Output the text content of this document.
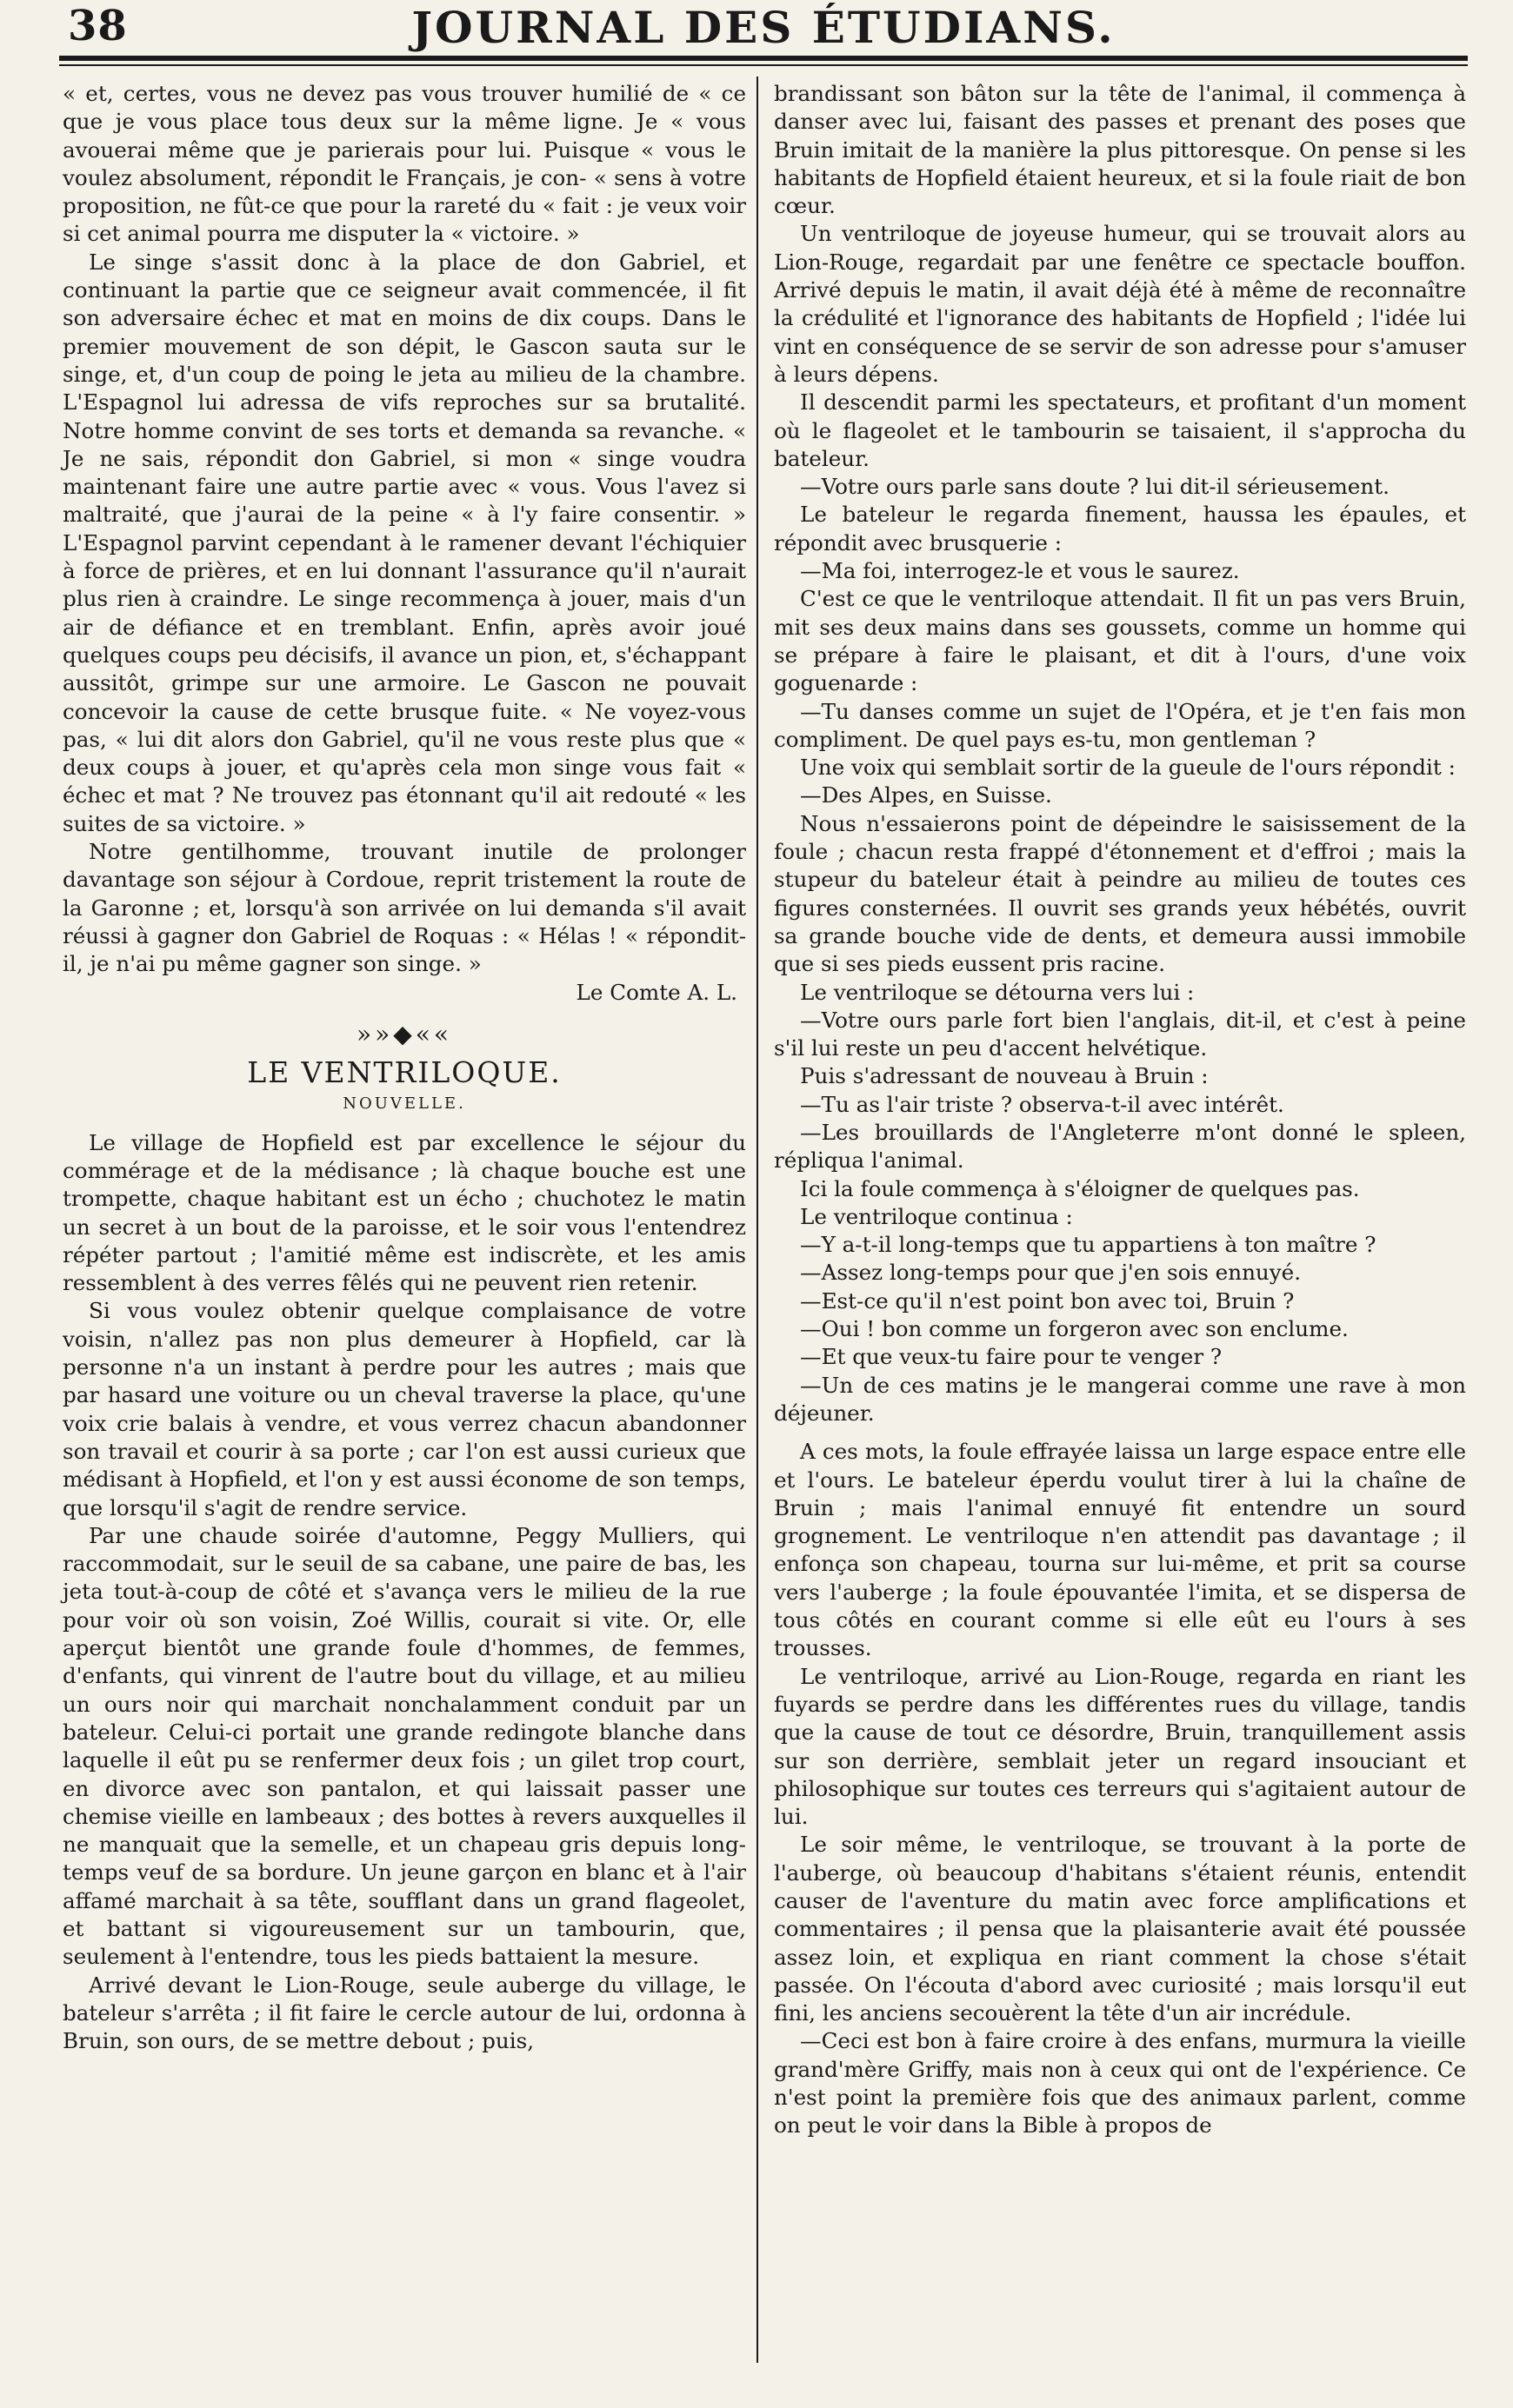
38	JOURNAL DES ÉTUDIANS.

« et, certes, vous ne devez pas vous trouver humilié de « ce que je vous place tous deux sur la même ligne. Je « vous avouerai même que je parierais pour lui. Puisque « vous le voulez absolument, répondit le Français, je con- « sens à votre proposition, ne fût-ce que pour la rareté du « fait : je veux voir si cet animal pourra me disputer la « victoire. »

Le singe s'assit donc à la place de don Gabriel, et continuant la partie que ce seigneur avait commencée, il fit son adversaire échec et mat en moins de dix coups. Dans le premier mouvement de son dépit, le Gascon sauta sur le singe, et, d'un coup de poing le jeta au milieu de la chambre. L'Espagnol lui adressa de vifs reproches sur sa brutalité. Notre homme convint de ses torts et demanda sa revanche. « Je ne sais, répondit don Gabriel, si mon « singe voudra maintenant faire une autre partie avec « vous. Vous l'avez si maltraité, que j'aurai de la peine « à l'y faire consentir. » L'Espagnol parvint cependant à le ramener devant l'échiquier à force de prières, et en lui donnant l'assurance qu'il n'aurait plus rien à craindre. Le singe recommença à jouer, mais d'un air de défiance et en tremblant. Enfin, après avoir joué quelques coups peu décisifs, il avance un pion, et, s'échappant aussitôt, grimpe sur une armoire. Le Gascon ne pouvait concevoir la cause de cette brusque fuite. « Ne voyez-vous pas, « lui dit alors don Gabriel, qu'il ne vous reste plus que « deux coups à jouer, et qu'après cela mon singe vous fait « échec et mat ? Ne trouvez pas étonnant qu'il ait redouté « les suites de sa victoire. »

Notre gentilhomme, trouvant inutile de prolonger davantage son séjour à Cordoue, reprit tristement la route de la Garonne ; et, lorsqu'à son arrivée on lui demanda s'il avait réussi à gagner don Gabriel de Roquas : « Hélas ! « répondit-il, je n'ai pu même gagner son singe. »

Le Comte A. L.

»»◆««
LE VENTRILOQUE.
NOUVELLE.

Le village de Hopfield est par excellence le séjour du commérage et de la médisance ; là chaque bouche est une trompette, chaque habitant est un écho ; chuchotez le matin un secret à un bout de la paroisse, et le soir vous l'entendrez répéter partout ; l'amitié même est indiscrète, et les amis ressemblent à des verres fêlés qui ne peuvent rien retenir.

Si vous voulez obtenir quelque complaisance de votre voisin, n'allez pas non plus demeurer à Hopfield, car là personne n'a un instant à perdre pour les autres ; mais que par hasard une voiture ou un cheval traverse la place, qu'une voix crie balais à vendre, et vous verrez chacun abandonner son travail et courir à sa porte ; car l'on est aussi curieux que médisant à Hopfield, et l'on y est aussi économe de son temps, que lorsqu'il s'agit de rendre service.

Par une chaude soirée d'automne, Peggy Mulliers, qui raccommodait, sur le seuil de sa cabane, une paire de bas, les jeta tout-à-coup de côté et s'avança vers le milieu de la rue pour voir où son voisin, Zoé Willis, courait si vite. Or, elle aperçut bientôt une grande foule d'hommes, de femmes, d'enfants, qui vinrent de l'autre bout du village, et au milieu un ours noir qui marchait nonchalamment conduit par un bateleur. Celui-ci portait une grande redingote blanche dans laquelle il eût pu se renfermer deux fois ; un gilet trop court, en divorce avec son pantalon, et qui laissait passer une chemise vieille en lambeaux ; des bottes à revers auxquelles il ne manquait que la semelle, et un chapeau gris depuis long-temps veuf de sa bordure. Un jeune garçon en blanc et à l'air affamé marchait à sa tête, soufflant dans un grand flageolet, et battant si vigoureusement sur un tambourin, que, seulement à l'entendre, tous les pieds battaient la mesure.

Arrivé devant le Lion-Rouge, seule auberge du village, le bateleur s'arrêta ; il fit faire le cercle autour de lui, ordonna à Bruin, son ours, de se mettre debout ; puis,

brandissant son bâton sur la tête de l'animal, il commença à danser avec lui, faisant des passes et prenant des poses que Bruin imitait de la manière la plus pittoresque. On pense si les habitants de Hopfield étaient heureux, et si la foule riait de bon cœur.

Un ventriloque de joyeuse humeur, qui se trouvait alors au Lion-Rouge, regardait par une fenêtre ce spectacle bouffon. Arrivé depuis le matin, il avait déjà été à même de reconnaître la crédulité et l'ignorance des habitants de Hopfield ; l'idée lui vint en conséquence de se servir de son adresse pour s'amuser à leurs dépens.

Il descendit parmi les spectateurs, et profitant d'un moment où le flageolet et le tambourin se taisaient, il s'approcha du bateleur.

—Votre ours parle sans doute ? lui dit-il sérieusement.

Le bateleur le regarda finement, haussa les épaules, et répondit avec brusquerie :

—Ma foi, interrogez-le et vous le saurez.

C'est ce que le ventriloque attendait. Il fit un pas vers Bruin, mit ses deux mains dans ses goussets, comme un homme qui se prépare à faire le plaisant, et dit à l'ours, d'une voix goguenarde :

—Tu danses comme un sujet de l'Opéra, et je t'en fais mon compliment. De quel pays es-tu, mon gentleman ?

Une voix qui semblait sortir de la gueule de l'ours répondit :

—Des Alpes, en Suisse.

Nous n'essaierons point de dépeindre le saisissement de la foule ; chacun resta frappé d'étonnement et d'effroi ; mais la stupeur du bateleur était à peindre au milieu de toutes ces figures consternées. Il ouvrit ses grands yeux hébétés, ouvrit sa grande bouche vide de dents, et demeura aussi immobile que si ses pieds eussent pris racine.

Le ventriloque se détourna vers lui :

—Votre ours parle fort bien l'anglais, dit-il, et c'est à peine s'il lui reste un peu d'accent helvétique.

Puis s'adressant de nouveau à Bruin :

—Tu as l'air triste ? observa-t-il avec intérêt.

—Les brouillards de l'Angleterre m'ont donné le spleen, répliqua l'animal.

Ici la foule commença à s'éloigner de quelques pas.

Le ventriloque continua :

—Y a-t-il long-temps que tu appartiens à ton maître ?

—Assez long-temps pour que j'en sois ennuyé.

—Est-ce qu'il n'est point bon avec toi, Bruin ?

—Oui ! bon comme un forgeron avec son enclume.

—Et que veux-tu faire pour te venger ?

—Un de ces matins je le mangerai comme une rave à mon déjeuner.

A ces mots, la foule effrayée laissa un large espace entre elle et l'ours. Le bateleur éperdu voulut tirer à lui la chaîne de Bruin ; mais l'animal ennuyé fit entendre un sourd grognement. Le ventriloque n'en attendit pas davantage ; il enfonça son chapeau, tourna sur lui-même, et prit sa course vers l'auberge ; la foule épouvantée l'imita, et se dispersa de tous côtés en courant comme si elle eût eu l'ours à ses trousses.

Le ventriloque, arrivé au Lion-Rouge, regarda en riant les fuyards se perdre dans les différentes rues du village, tandis que la cause de tout ce désordre, Bruin, tranquillement assis sur son derrière, semblait jeter un regard insouciant et philosophique sur toutes ces terreurs qui s'agitaient autour de lui.

Le soir même, le ventriloque, se trouvant à la porte de l'auberge, où beaucoup d'habitans s'étaient réunis, entendit causer de l'aventure du matin avec force amplifications et commentaires ; il pensa que la plaisanterie avait été poussée assez loin, et expliqua en riant comment la chose s'était passée. On l'écouta d'abord avec curiosité ; mais lorsqu'il eut fini, les anciens secouèrent la tête d'un air incrédule.

—Ceci est bon à faire croire à des enfans, murmura la vieille grand'mère Griffy, mais non à ceux qui ont de l'expérience. Ce n'est point la première fois que des animaux parlent, comme on peut le voir dans la Bible à propos de
